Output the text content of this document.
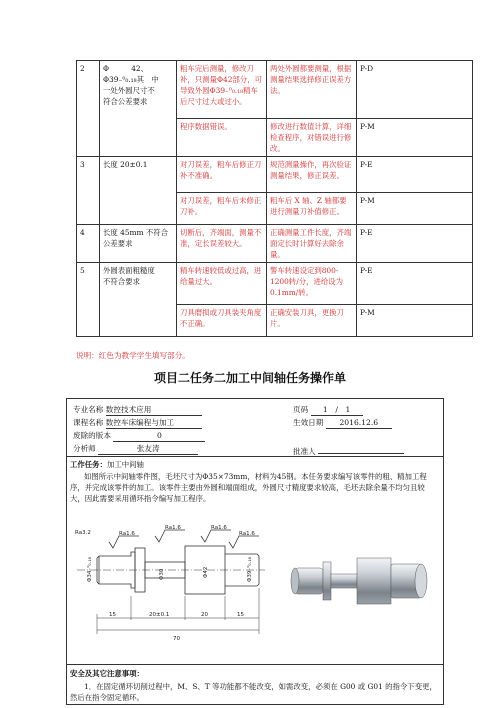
2	Φ　　　42、
Φ39₋⁰₀.₁₈其　中
一处外圆尺寸不
符合公差要求	粗车完后测量，修改刀补，只测量Φ42部分，可导致外圆Φ39₋⁰₀.₁₈精车后尺寸过大或过小。	两处外圆都要测量，根据测量结果选择修正误差方法。	P-D
		程序数据错误。	修改进行数值计算，详细检查程序，对错误进行修改。	P-M
3	长度 20±0.1	对刀误差，粗车后修正刀补不准确。	规范测量操作，再次验证测量结果，修正误差。	P-E
		对刀误差，粗车后未修正刀补。	粗车后 X 轴、Z 轴都要进行测量刀补值修正。	P-M
4	长度 45mm 不符合
公差要求	切断后，齐端面，测量不准，定长误差较大。	正确测量工件长度，齐端面定长时计算好去除余量。	P-E
5	外圆表面粗糙度
不符合要求	精车转速较低或过高，进给量过大。	警车转速设定到800-1200转/分，进给设为0.1mm/转。	P-E
		刀具磨损或刀具装夹角度不正确。	正确安装刀具，更换刀片。	P-M
说明：红色为教学学生填写部分。
项目二任务二加工中间轴任务操作单
专业名称 数控技术应用	页码 1　/　1
课程名称 数控车床编程与加工	生效日期 2016.12.6
废除的版本	0
分析师	张友涛	批准人
工作任务：加工中间轴
如图所示中间轴零件图，毛坯尺寸为Φ35×73mm，材料为45钢。本任务要求编写该零件的粗、精加工程序，并完成该零件的加工。该零件主要由外圆和端面组成，外圆尺寸精度要求较高，毛坯去除余量不均匀且较大，因此需要采用循环指令编写加工程序。
Ra1.6
Ra1.6	Ra1.6
Ra1.6
Ra3.2
Φ34₋⁰₀.₁₈	Φ30	Φ42	Φ39₋⁰₀.₁₈
15	20±0.1	20	15
70
安全及其它注意事项：
1．在固定循环切削过程中，M、S、T 等功能都不能改变，如需改变，必须在 G00 或 G01 的指令下变更，然后在指令固定循环。
